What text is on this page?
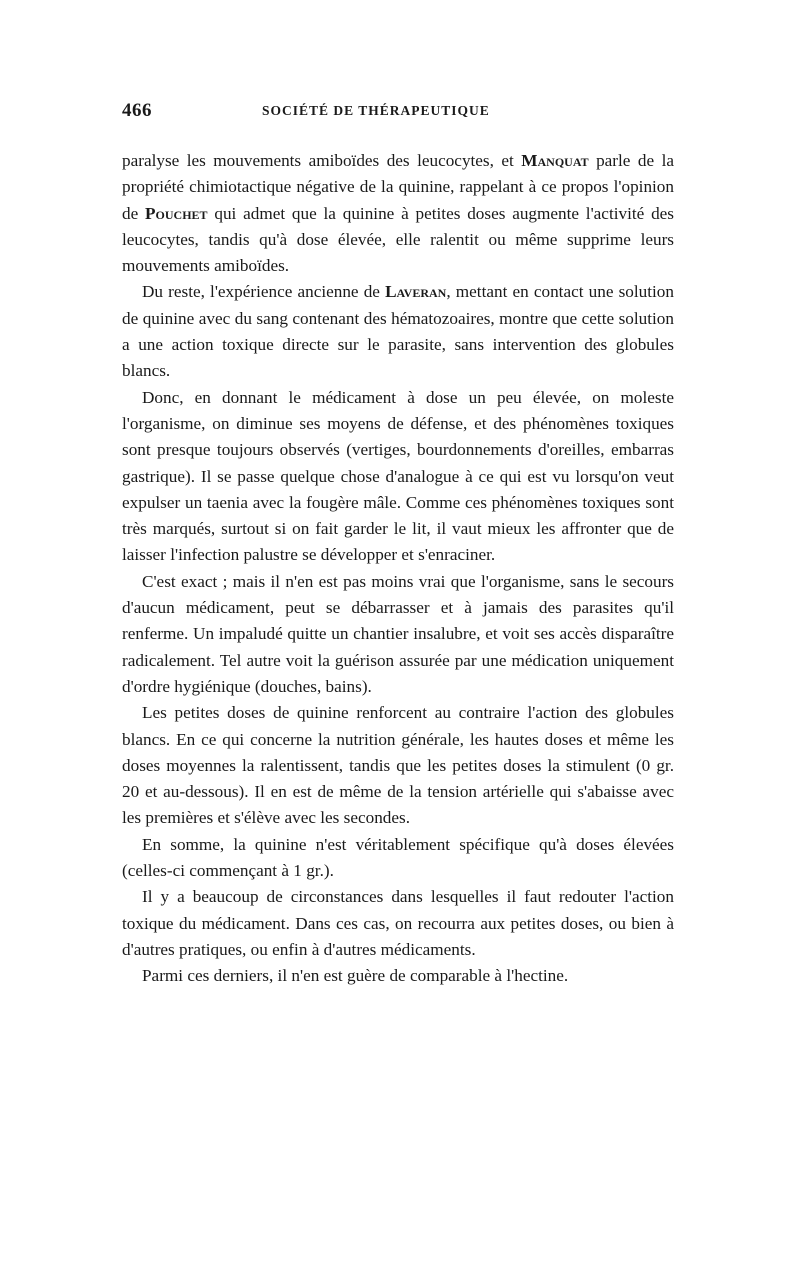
466	SOCIÉTÉ DE THÉRAPEUTIQUE

paralyse les mouvements amiboïdes des leucocytes, et Manquat parle de la propriété chimiotactique négative de la quinine, rappelant à ce propos l'opinion de Pouchet qui admet que la quinine à petites doses augmente l'activité des leucocytes, tandis qu'à dose élevée, elle ralentit ou même supprime leurs mouvements amiboïdes.

Du reste, l'expérience ancienne de Laveran, mettant en contact une solution de quinine avec du sang contenant des hématozoaires, montre que cette solution a une action toxique directe sur le parasite, sans intervention des globules blancs.

Donc, en donnant le médicament à dose un peu élevée, on moleste l'organisme, on diminue ses moyens de défense, et des phénomènes toxiques sont presque toujours observés (vertiges, bourdonnements d'oreilles, embarras gastrique). Il se passe quelque chose d'analogue à ce qui est vu lorsqu'on veut expulser un taenia avec la fougère mâle. Comme ces phénomènes toxiques sont très marqués, surtout si on fait garder le lit, il vaut mieux les affronter que de laisser l'infection palustre se développer et s'enraciner.

C'est exact ; mais il n'en est pas moins vrai que l'organisme, sans le secours d'aucun médicament, peut se débarrasser et à jamais des parasites qu'il renferme. Un impaludé quitte un chantier insalubre, et voit ses accès disparaître radicalement. Tel autre voit la guérison assurée par une médication uniquement d'ordre hygiénique (douches, bains).

Les petites doses de quinine renforcent au contraire l'action des globules blancs. En ce qui concerne la nutrition générale, les hautes doses et même les doses moyennes la ralentissent, tandis que les petites doses la stimulent (0 gr. 20 et au-dessous). Il en est de même de la tension artérielle qui s'abaisse avec les premières et s'élève avec les secondes.

En somme, la quinine n'est véritablement spécifique qu'à doses élevées (celles-ci commençant à 1 gr.).

Il y a beaucoup de circonstances dans lesquelles il faut redouter l'action toxique du médicament. Dans ces cas, on recourra aux petites doses, ou bien à d'autres pratiques, ou enfin à d'autres médicaments.

Parmi ces derniers, il n'en est guère de comparable à l'hectine.
